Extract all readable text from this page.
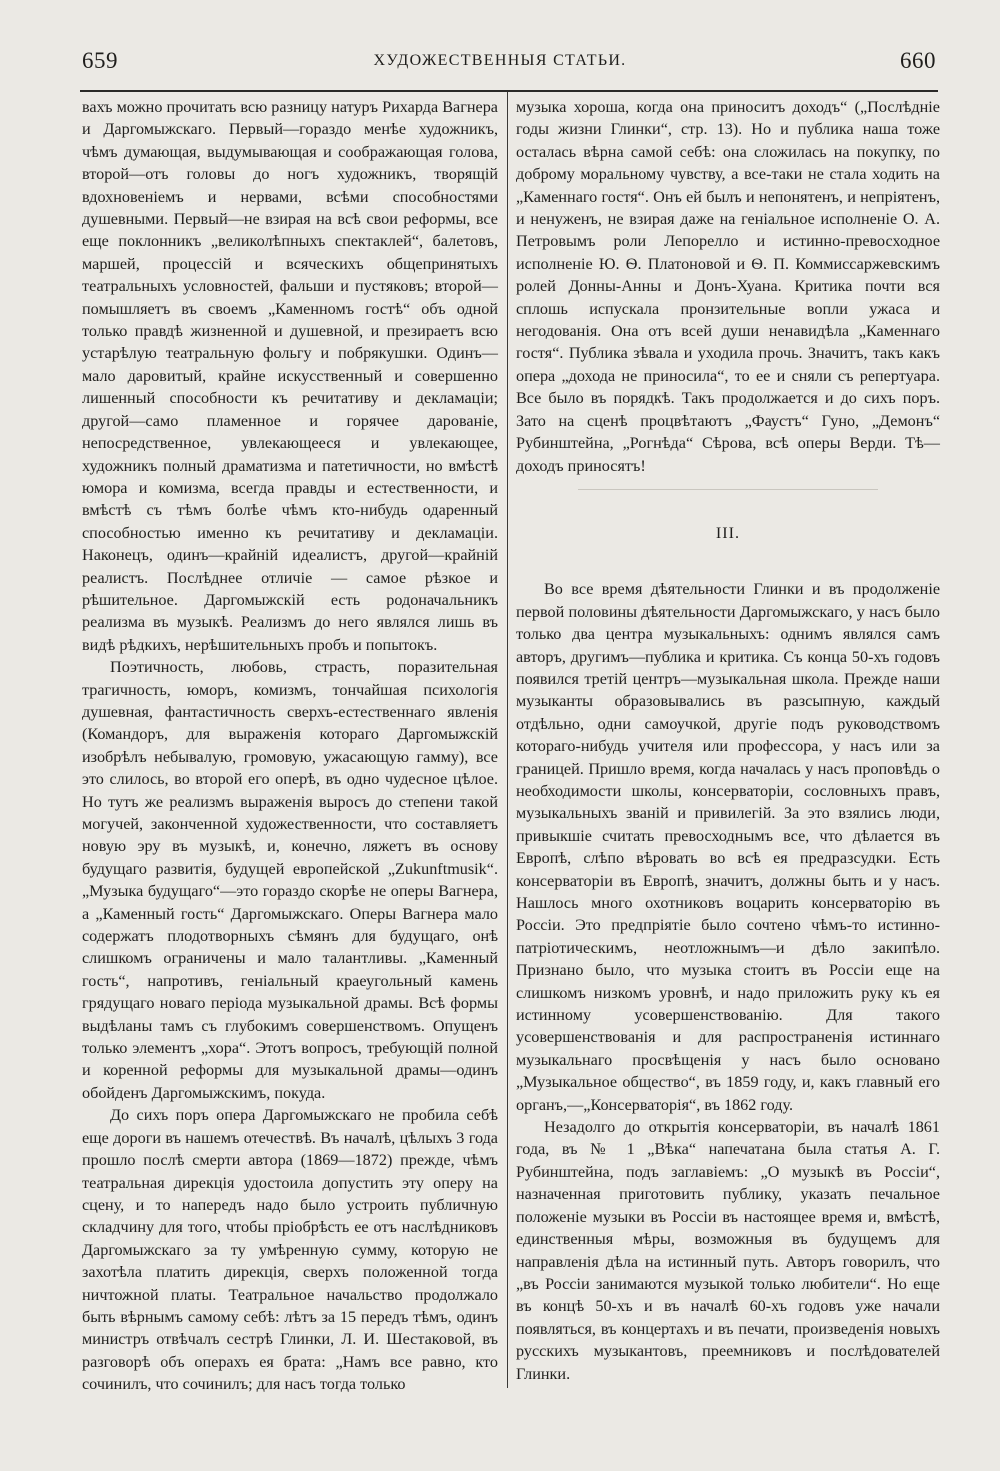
659	ХУДОЖЕСТВЕННЫЯ СТАТЬИ.	660

вахъ можно прочитать всю разницу натуръ Рихарда Вагнера и Даргомыжскаго. Первый—гораздо менѣе художникъ, чѣмъ думающая, выдумывающая и соображающая голова, второй—отъ головы до ногъ художникъ, творящій вдохновеніемъ и нервами, всѣми способностями душевными. Первый—не взирая на всѣ свои реформы, все еще поклонникъ „великолѣпныхъ спектаклей“, балетовъ, маршей, процессій и всяческихъ общепринятыхъ театральныхъ условностей, фальши и пустяковъ; второй—помышляетъ въ своемъ „Каменномъ гостѣ“ объ одной только правдѣ жизненной и душевной, и презираетъ всю устарѣлую театральную фольгу и побрякушки. Одинъ—мало даровитый, крайне искусственный и совершенно лишенный способности къ речитативу и декламаціи; другой—само пламенное и горячее дарованіе, непосредственное, увлекающееся и увлекающее, художникъ полный драматизма и патетичности, но вмѣстѣ юмора и комизма, всегда правды и естественности, и вмѣстѣ съ тѣмъ болѣе чѣмъ кто-нибудь одаренный способностью именно къ речитативу и декламаціи. Наконецъ, одинъ—крайній идеалистъ, другой—крайній реалистъ. Послѣднее отличіе — самое рѣзкое и рѣшительное. Даргомыжскій есть родоначальникъ реализма въ музыкѣ. Реализмъ до него являлся лишь въ видѣ рѣдкихъ, нерѣшительныхъ пробъ и попытокъ.

Поэтичность, любовь, страсть, поразительная трагичность, юморъ, комизмъ, тончайшая психологія душевная, фантастичность сверхъ-естественнаго явленія (Командоръ, для выраженія котораго Даргомыжскій изобрѣлъ небывалую, громовую, ужасающую гамму), все это слилось, во второй его оперѣ, въ одно чудесное цѣлое. Но тутъ же реализмъ выраженія выросъ до степени такой могучей, законченной художественности, что составляетъ новую эру въ музыкѣ, и, конечно, ляжетъ въ основу будущаго развитія, будущей европейской „Zukunftmusik“. „Музыка будущаго“—это гораздо скорѣе не оперы Вагнера, а „Каменный гость“ Даргомыжскаго. Оперы Вагнера мало содержатъ плодотворныхъ сѣмянъ для будущаго, онѣ слишкомъ ограничены и мало талантливы. „Каменный гость“, напротивъ, геніальный краеугольный камень грядущаго новаго періода музыкальной драмы. Всѣ формы выдѣланы тамъ съ глубокимъ совершенствомъ. Опущенъ только элементъ „хора“. Этотъ вопросъ, требующій полной и коренной реформы для музыкальной драмы—одинъ обойденъ Даргомыжскимъ, покуда.

До сихъ поръ опера Даргомыжскаго не пробила себѣ еще дороги въ нашемъ отечествѣ. Въ началѣ, цѣлыхъ 3 года прошло послѣ смерти автора (1869—1872) прежде, чѣмъ театральная дирекція удостоила допустить эту оперу на сцену, и то напередъ надо было устроить публичную складчину для того, чтобы пріобрѣсть ее отъ наслѣдниковъ Даргомыжскаго за ту умѣренную сумму, которую не захотѣла платить дирекція, сверхъ положенной тогда ничтожной платы. Театральное начальство продолжало быть вѣрнымъ самому себѣ: лѣтъ за 15 передъ тѣмъ, одинъ министръ отвѣчалъ сестрѣ Глинки, Л. И. Шестаковой, въ разговорѣ объ операхъ ея брата: „Намъ все равно, кто сочинилъ, что сочинилъ; для насъ тогда только

музыка хороша, когда она приноситъ доходъ“ („Послѣдніе годы жизни Глинки“, стр. 13). Но и публика наша тоже осталась вѣрна самой себѣ: она сложилась на покупку, по доброму моральному чувству, а все-таки не стала ходить на „Каменнаго гостя“. Онъ ей былъ и непонятенъ, и непріятенъ, и ненуженъ, не взирая даже на геніальное исполненіе О. А. Петровымъ роли Лепорелло и истинно-превосходное исполненіе Ю. Ѳ. Платоновой и Ѳ. П. Коммиссаржевскимъ ролей Донны-Анны и Донъ-Хуана. Критика почти вся сплошь испускала пронзительные вопли ужаса и негодованія. Она отъ всей души ненавидѣла „Каменнаго гостя“. Публика зѣвала и уходила прочь. Значитъ, такъ какъ опера „дохода не приносила“, то ее и сняли съ репертуара. Все было въ порядкѣ. Такъ продолжается и до сихъ поръ. Зато на сценѣ процвѣтаютъ „Фаустъ“ Гуно, „Демонъ“ Рубинштейна, „Рогнѣда“ Сѣрова, всѣ оперы Верди. Тѣ—доходъ приносятъ!

III.

Во все время дѣятельности Глинки и въ продолженіе первой половины дѣятельности Даргомыжскаго, у насъ было только два центра музыкальныхъ: однимъ являлся самъ авторъ, другимъ—публика и критика. Съ конца 50-хъ годовъ появился третій центръ—музыкальная школа. Прежде наши музыканты образовывались въ разсыпную, каждый отдѣльно, одни самоучкой, другіе подъ руководствомъ котораго-нибудь учителя или профессора, у насъ или за границей. Пришло время, когда началась у насъ проповѣдь о необходимости школы, консерваторіи, сословныхъ правъ, музыкальныхъ званій и привилегій. За это взялись люди, привыкшіе считать превосходнымъ все, что дѣлается въ Европѣ, слѣпо вѣровать во всѣ ея предразсудки. Есть консерваторіи въ Европѣ, значитъ, должны быть и у насъ. Нашлось много охотниковъ воцарить консерваторію въ Россіи. Это предпріятіе было сочтено чѣмъ-то истинно-патріотическимъ, неотложнымъ—и дѣло закипѣло. Признано было, что музыка стоитъ въ Россіи еще на слишкомъ низкомъ уровнѣ, и надо приложить руку къ ея истинному усовершенствованію. Для такого усовершенствованія и для распространенія истиннаго музыкальнаго просвѣщенія у насъ было основано „Музыкальное общество“, въ 1859 году, и, какъ главный его органъ,—„Консерваторія“, въ 1862 году.

Незадолго до открытія консерваторіи, въ началѣ 1861 года, въ № 1 „Вѣка“ напечатана была статья А. Г. Рубинштейна, подъ заглавіемъ: „О музыкѣ въ Россіи“, назначенная приготовить публику, указать печальное положеніе музыки въ Россіи въ настоящее время и, вмѣстѣ, единственныя мѣры, возможныя въ будущемъ для направленія дѣла на истинный путь. Авторъ говорилъ, что „въ Россіи занимаются музыкой только любители“. Но еще въ концѣ 50-хъ и въ началѣ 60-хъ годовъ уже начали появляться, въ концертахъ и въ печати, произведенія новыхъ русскихъ музыкантовъ, преемниковъ и послѣдователей Глинки.
